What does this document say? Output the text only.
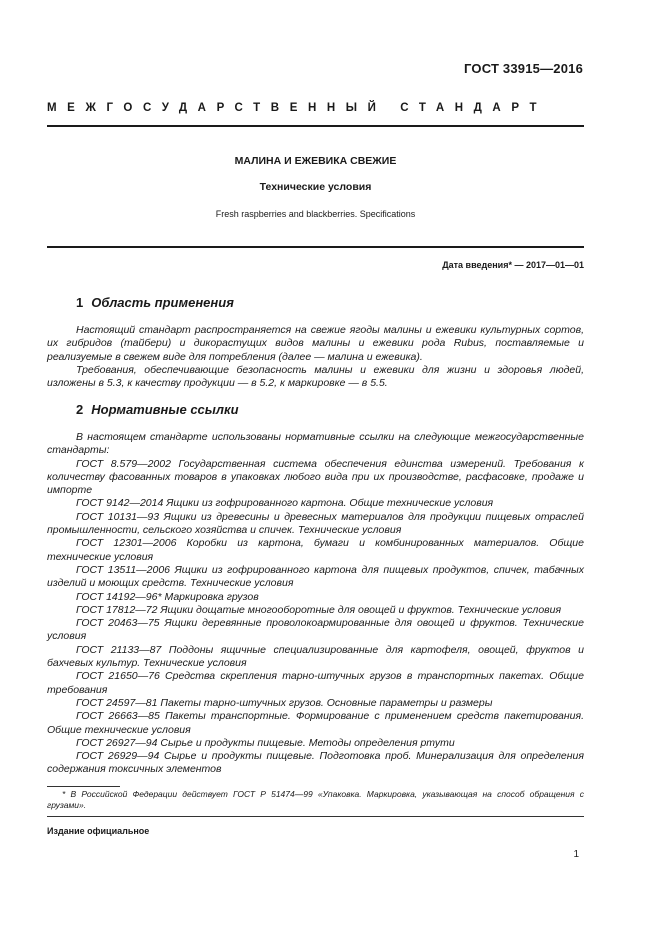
ГОСТ 33915—2016
МЕЖГОСУДАРСТВЕННЫЙ СТАНДАРТ
МАЛИНА И ЕЖЕВИКА СВЕЖИЕ
Технические условия
Fresh raspberries and blackberries. Specifications
Дата введения* — 2017—01—01
1 Область применения

Настоящий стандарт распространяется на свежие ягоды малины и ежевики культурных сортов, их гибридов (тайбери) и дикорастущих видов малины и ежевики рода Rubus, поставляемые и реализуемые в свежем виде для потребления (далее — малина и ежевика).

Требования, обеспечивающие безопасность малины и ежевики для жизни и здоровья людей, изложены в 5.3, к качеству продукции — в 5.2, к маркировке — в 5.5.

2 Нормативные ссылки

В настоящем стандарте использованы нормативные ссылки на следующие межгосударственные стандарты:

ГОСТ 8.579—2002 Государственная система обеспечения единства измерений. Требования к количеству фасованных товаров в упаковках любого вида при их производстве, расфасовке, продаже и импорте

ГОСТ 9142—2014 Ящики из гофрированного картона. Общие технические условия

ГОСТ 10131—93 Ящики из древесины и древесных материалов для продукции пищевых отраслей промышленности, сельского хозяйства и спичек. Технические условия

ГОСТ 12301—2006 Коробки из картона, бумаги и комбинированных материалов. Общие технические условия

ГОСТ 13511—2006 Ящики из гофрированного картона для пищевых продуктов, спичек, табачных изделий и моющих средств. Технические условия

ГОСТ 14192—96* Маркировка грузов

ГОСТ 17812—72 Ящики дощатые многооборотные для овощей и фруктов. Технические условия

ГОСТ 20463—75 Ящики деревянные проволокоармированные для овощей и фруктов. Технические условия

ГОСТ 21133—87 Поддоны ящичные специализированные для картофеля, овощей, фруктов и бахчевых культур. Технические условия

ГОСТ 21650—76 Средства скрепления тарно-штучных грузов в транспортных пакетах. Общие требования

ГОСТ 24597—81 Пакеты тарно-штучных грузов. Основные параметры и размеры

ГОСТ 26663—85 Пакеты транспортные. Формирование с применением средств пакетирования. Общие технические условия

ГОСТ 26927—94 Сырье и продукты пищевые. Методы определения ртути

ГОСТ 26929—94 Сырье и продукты пищевые. Подготовка проб. Минерализация для определения содержания токсичных элементов

* В Российской Федерации действует ГОСТ Р 51474—99 «Упаковка. Маркировка, указывающая на способ обращения с грузами».

Издание официальное
1
